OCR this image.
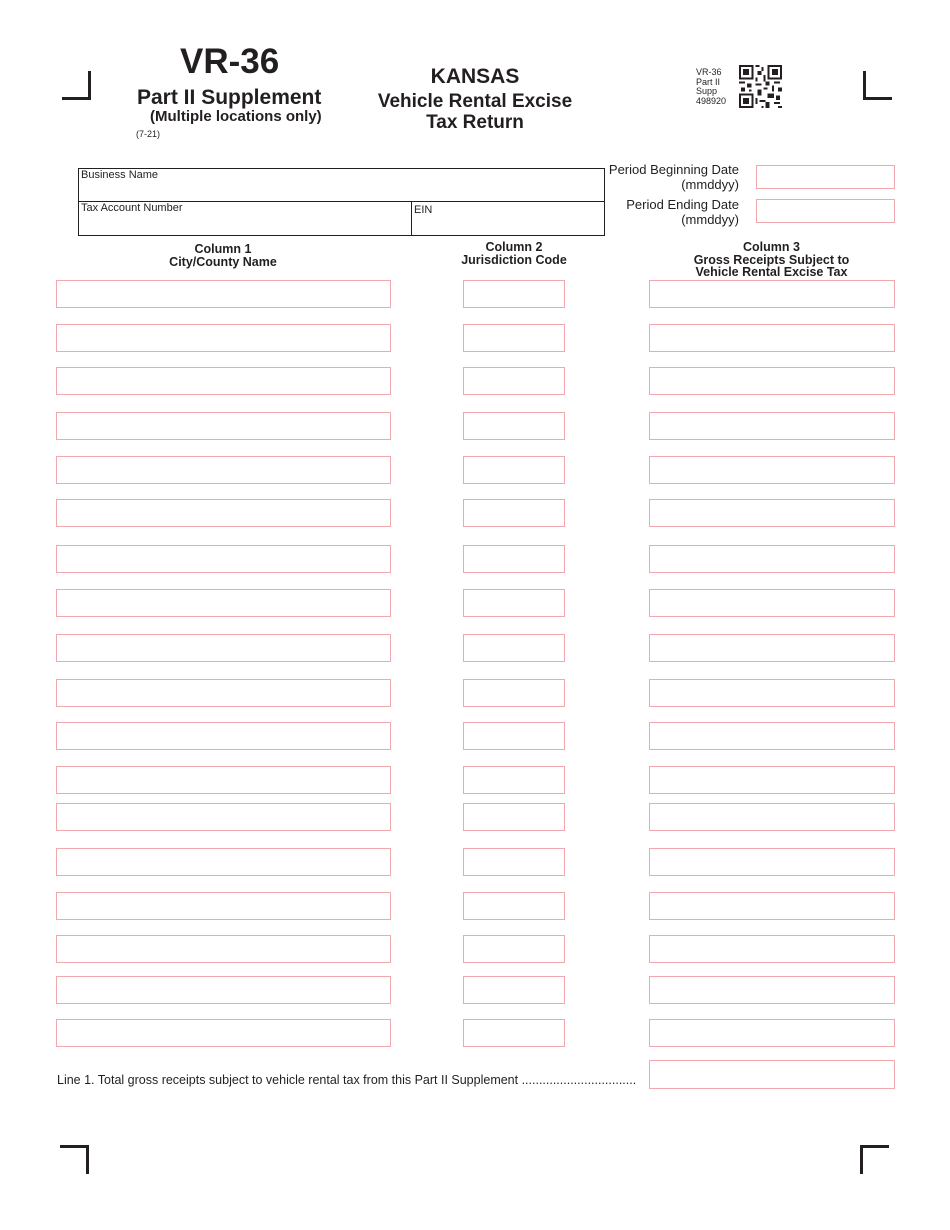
VR-36
Part II Supplement
(Multiple locations only)
(7-21)
KANSAS
Vehicle Rental Excise
Tax Return
VR-36
Part II
Supp
498920
Business Name
Tax Account Number	EIN
Period Beginning Date
(mmddyy)
Period Ending Date
(mmddyy)
Column 1
City/County Name
Column 2
Jurisdiction Code
Column 3
Gross Receipts Subject to
Vehicle Rental Excise Tax
Line 1. Total gross receipts subject to vehicle rental tax from this Part II Supplement .................................
